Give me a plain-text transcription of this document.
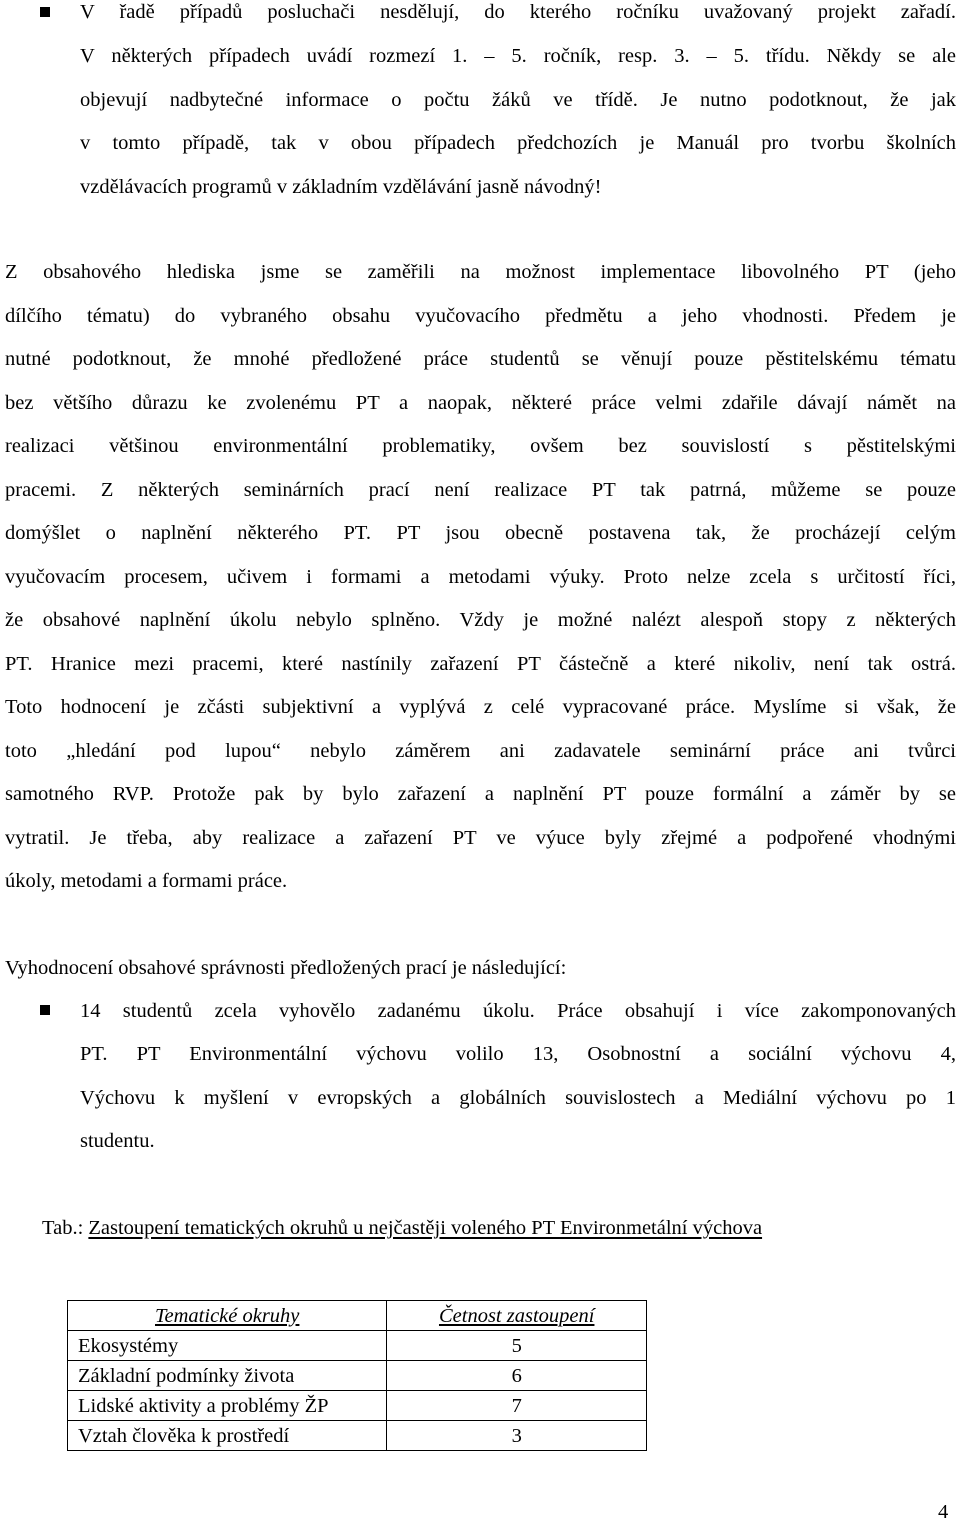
V řadě případů posluchači nesdělují, do kterého ročníku uvažovaný projekt zařadí.
V některých případech uvádí rozmezí 1. – 5. ročník, resp. 3. – 5. třídu. Někdy se ale
objevují nadbytečné informace o počtu žáků ve třídě. Je nutno podotknout, že jak
v tomto případě, tak v obou případech předchozích je Manuál pro tvorbu školních
vzdělávacích programů v základním vzdělávání jasně návodný!
Z obsahového hlediska jsme se zaměřili na možnost implementace libovolného PT (jeho
dílčího tématu) do vybraného obsahu vyučovacího předmětu a jeho vhodnosti. Předem je
nutné podotknout, že mnohé předložené práce studentů se věnují pouze pěstitelskému tématu
bez většího důrazu ke zvolenému PT a naopak, některé práce velmi zdařile dávají námět na
realizaci většinou environmentální problematiky, ovšem bez souvislostí s pěstitelskými
pracemi. Z některých seminárních prací není realizace PT tak patrná, můžeme se pouze
domýšlet o naplnění některého PT. PT jsou obecně postavena tak, že procházejí celým
vyučovacím procesem, učivem i formami a metodami výuky. Proto nelze zcela s určitostí říci,
že obsahové naplnění úkolu nebylo splněno. Vždy je možné nalézt alespoň stopy z některých
PT. Hranice mezi pracemi, které nastínily zařazení PT částečně a které nikoliv, není tak ostrá.
Toto hodnocení je zčásti subjektivní a vyplývá z celé vypracované práce. Myslíme si však, že
toto „hledání pod lupou“ nebylo záměrem ani zadavatele seminární práce ani tvůrci
samotného RVP. Protože pak by bylo zařazení a naplnění PT pouze formální a záměr by se
vytratil. Je třeba, aby realizace a zařazení PT ve výuce byly zřejmé a podpořené vhodnými
úkoly, metodami a formami práce.
Vyhodnocení obsahové správnosti předložených prací je následující:
14 studentů zcela vyhovělo zadanému úkolu. Práce obsahují i více zakomponovaných
PT. PT Environmentální výchovu volilo 13, Osobnostní a sociální výchovu 4,
Výchovu k myšlení v evropských a globálních souvislostech a Mediální výchovu po 1
studentu.
Tab.: Zastoupení tematických okruhů u nejčastěji voleného PT Environmetální výchova
Tematické okruhy	Četnost zastoupení
Ekosystémy	5
Základní podmínky života	6
Lidské aktivity a problémy ŽP	7
Vztah člověka k prostředí	3
4
